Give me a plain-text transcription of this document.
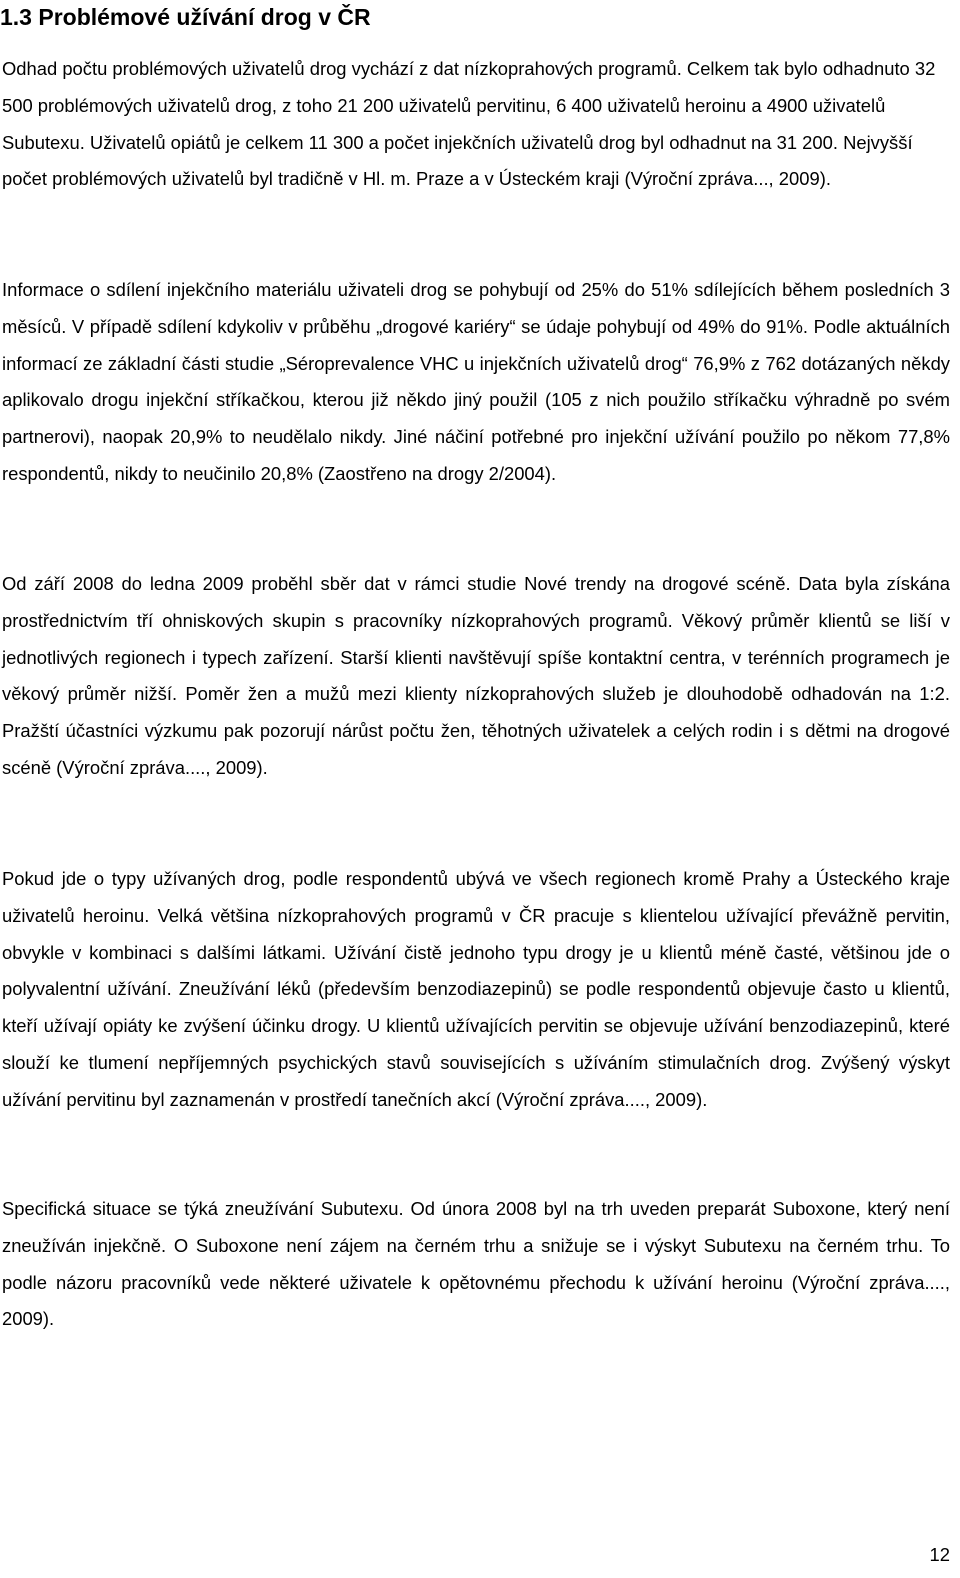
1.3 Problémové užívání drog v ČR

Odhad počtu problémových uživatelů drog vychází z dat nízkoprahových programů. Celkem tak bylo odhadnuto 32 500 problémových uživatelů drog, z toho 21 200 uživatelů pervitinu, 6 400 uživatelů heroinu a 4900 uživatelů Subutexu. Uživatelů opiátů je celkem 11 300 a počet injekčních uživatelů drog byl odhadnut na 31 200. Nejvyšší počet problémových uživatelů byl tradičně v Hl. m. Praze a v Ústeckém kraji (Výroční zpráva..., 2009).

Informace o sdílení injekčního materiálu uživateli drog se pohybují od 25% do 51% sdílejících během posledních 3 měsíců. V případě sdílení kdykoliv v průběhu „drogové kariéry“ se údaje pohybují od 49% do 91%. Podle aktuálních informací ze základní části studie „Séroprevalence VHC u injekčních uživatelů drog“ 76,9% z 762 dotázaných někdy aplikovalo drogu injekční stříkačkou, kterou již někdo jiný použil (105 z nich použilo stříkačku výhradně po svém partnerovi), naopak 20,9% to neudělalo nikdy. Jiné náčiní potřebné pro injekční užívání použilo po někom 77,8% respondentů, nikdy to neučinilo 20,8% (Zaostřeno na drogy 2/2004).

Od září 2008 do ledna 2009 proběhl sběr dat v rámci studie Nové trendy na drogové scéně. Data byla získána prostřednictvím tří ohniskových skupin s pracovníky nízkoprahových programů. Věkový průměr klientů se liší v jednotlivých regionech i typech zařízení. Starší klienti navštěvují spíše kontaktní centra, v terénních programech je věkový průměr nižší. Poměr žen a mužů mezi klienty nízkoprahových služeb je dlouhodobě odhadován na 1:2. Pražští účastníci výzkumu pak pozorují nárůst počtu žen, těhotných uživatelek a celých rodin i s dětmi na drogové scéně (Výroční zpráva...., 2009).

Pokud jde o typy užívaných drog, podle respondentů ubývá ve všech regionech kromě Prahy a Ústeckého kraje uživatelů heroinu. Velká většina nízkoprahových programů v ČR pracuje s klientelou užívající převážně pervitin, obvykle v kombinaci s dalšími látkami. Užívání čistě jednoho typu drogy je u klientů méně časté, většinou jde o polyvalentní užívání. Zneužívání léků (především benzodiazepinů) se podle respondentů objevuje často u klientů, kteří užívají opiáty ke zvýšení účinku drogy. U klientů užívajících pervitin se objevuje užívání benzodiazepinů, které slouží ke tlumení nepříjemných psychických stavů souvisejících s užíváním stimulačních drog. Zvýšený výskyt užívání pervitinu byl zaznamenán v prostředí tanečních akcí (Výroční zpráva...., 2009).

Specifická situace se týká zneužívání Subutexu. Od února 2008 byl na trh uveden preparát Suboxone, který není zneužíván injekčně. O Suboxone není zájem na černém trhu a snižuje se i výskyt Subutexu na černém trhu. To podle názoru pracovníků vede některé uživatele k opětovnému přechodu k užívání heroinu (Výroční zpráva...., 2009).

12
